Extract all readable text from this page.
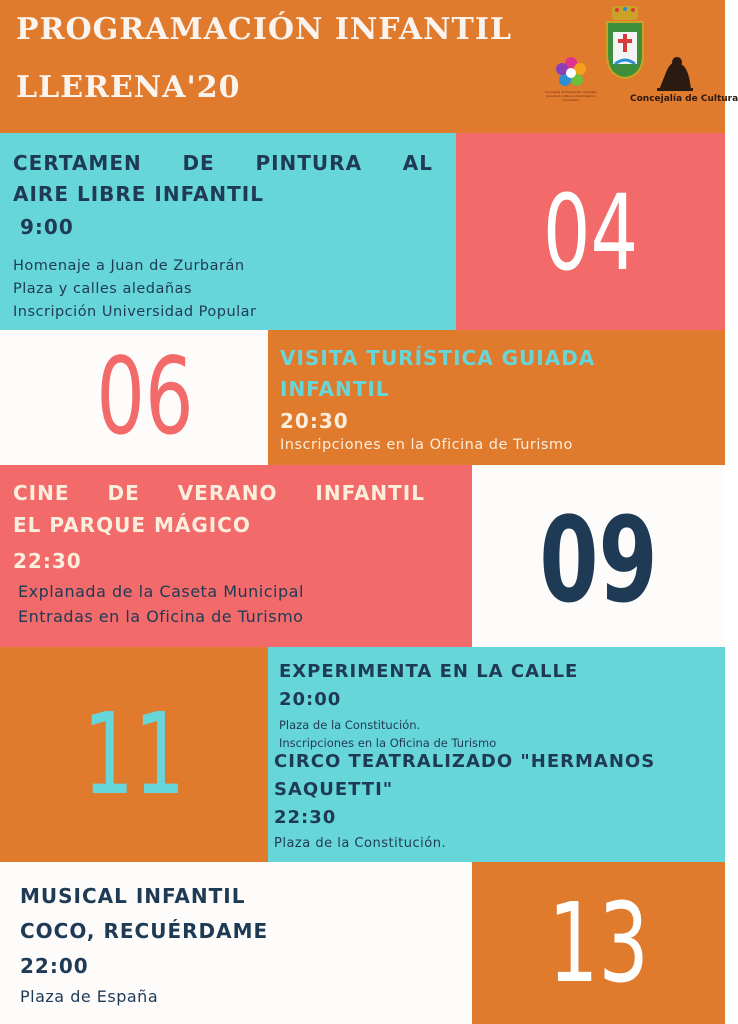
PROGRAMACIÓN INFANTIL
LLERENA'20	Concejalía de Educación, Igualdad, Juventud, Cultura y Participación Ciudadana	Concejalía de Cultura
CERTAMEN DE PINTURA AL
AIRE LIBRE INFANTIL
9:00
Homenaje a Juan de Zurbarán
Plaza y calles aledañas
Inscripción Universidad Popular
04
06	VISITA TURÍSTICA GUIADA
INFANTIL
20:30
Inscripciones en la Oficina de Turismo
CINE DE VERANO INFANTIL
EL PARQUE MÁGICO
22:30
Explanada de la Caseta Municipal
Entradas en la Oficina de Turismo 09
11
EXPERIMENTA EN LA CALLE
20:00
Plaza de la Constitución.
Inscripciones en la Oficina de Turismo
CIRCO TEATRALIZADO "HERMANOS
SAQUETTI"
22:30
Plaza de la Constitución.
MUSICAL INFANTIL
COCO, RECUÉRDAME
22:00
Plaza de España	13
